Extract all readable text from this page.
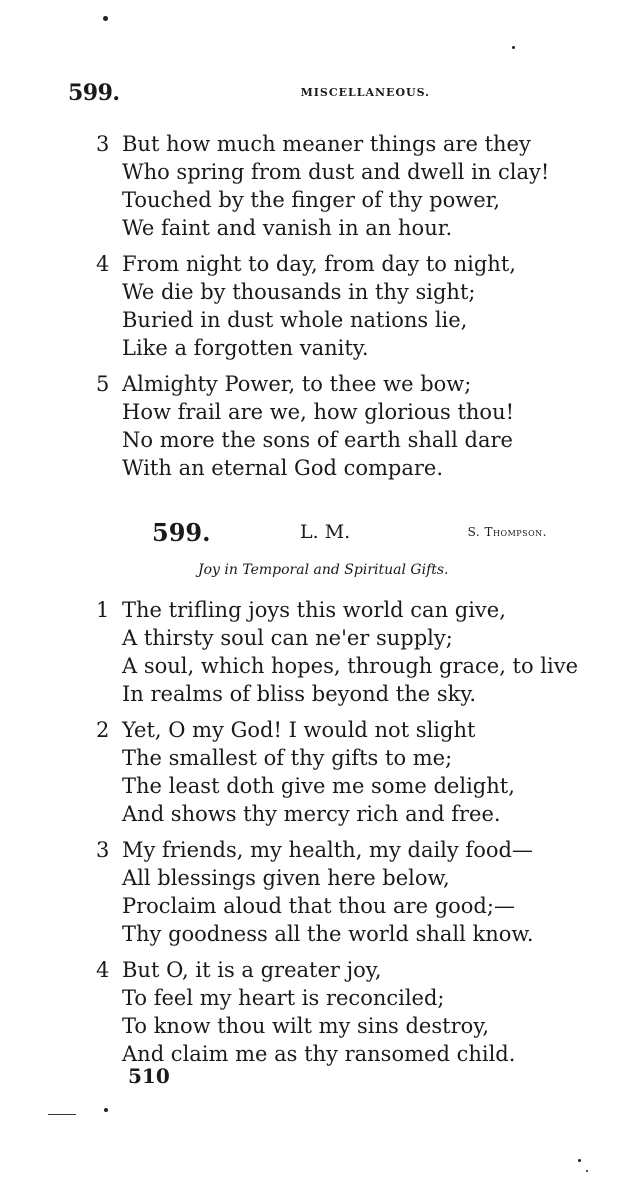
599.	MISCELLANEOUS.
3 But how much meaner things are they
Who spring from dust and dwell in clay!
Touched by the finger of thy power,
We faint and vanish in an hour.
4 From night to day, from day to night,
We die by thousands in thy sight;
Buried in dust whole nations lie,
Like a forgotten vanity.
5 Almighty Power, to thee we bow;
How frail are we, how glorious thou!
No more the sons of earth shall dare
With an eternal God compare.
599.	L. M.	S. Thompson.
Joy in Temporal and Spiritual Gifts.
1 The trifling joys this world can give,
A thirsty soul can ne'er supply;
A soul, which hopes, through grace, to live
In realms of bliss beyond the sky.
2 Yet, O my God! I would not slight
The smallest of thy gifts to me;
The least doth give me some delight,
And shows thy mercy rich and free.
3 My friends, my health, my daily food—
All blessings given here below,
Proclaim aloud that thou are good;—
Thy goodness all the world shall know.
4 But O, it is a greater joy,
To feel my heart is reconciled;
To know thou wilt my sins destroy,
And claim me as thy ransomed child.
510
